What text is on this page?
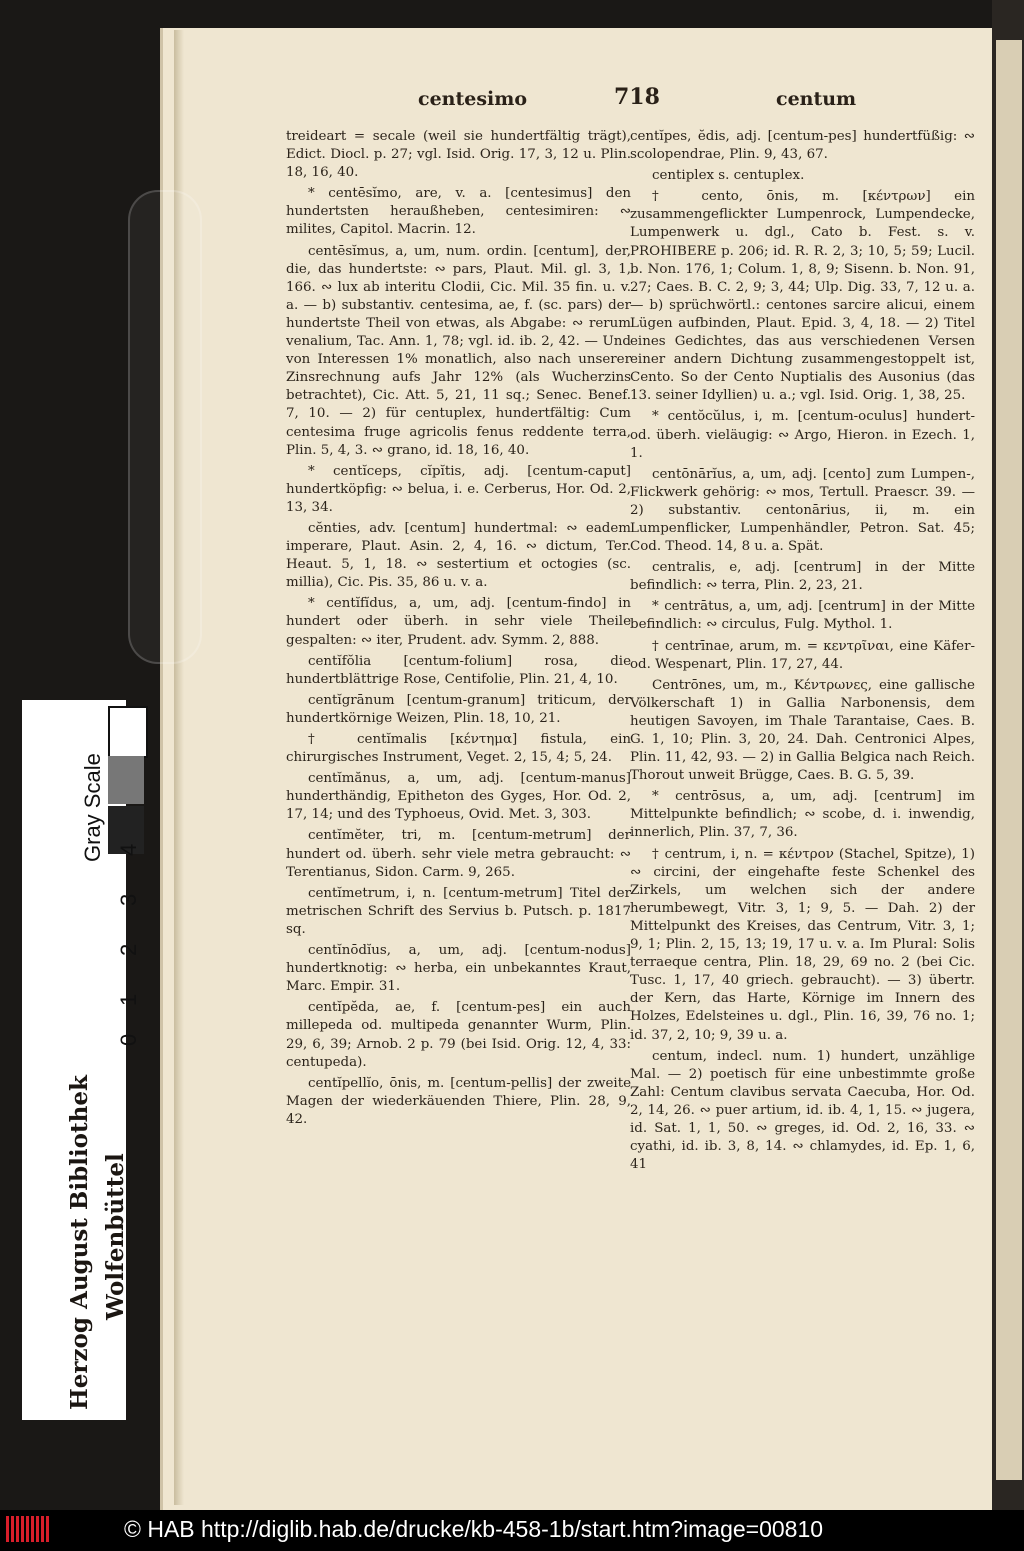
centesimo	718	centum

treideart = secale (weil sie hundertfältig trägt), Edict. Diocl. p. 27; vgl. Isid. Orig. 17, 3, 12 u. Plin. 18, 16, 40.

* centēsĭmo, are, v. a. [centesimus] den hundertsten heraußheben, centesimiren: ∾ milites, Capitol. Macrin. 12.

centēsĭmus, a, um, num. ordin. [centum], der, die, das hundertste: ∾ pars, Plaut. Mil. gl. 3, 1, 166. ∾ lux ab interitu Clodii, Cic. Mil. 35 fin. u. v. a. — b) substantiv. centesima, ae, f. (sc. pars) der hundertste Theil von etwas, als Abgabe: ∾ rerum venalium, Tac. Ann. 1, 78; vgl. id. ib. 2, 42. — Und von Interessen 1% monatlich, also nach unserer Zinsrechnung aufs Jahr 12% (als Wucherzins betrachtet), Cic. Att. 5, 21, 11 sq.; Senec. Benef. 7, 10. — 2) für centuplex, hundertfältig: Cum centesima fruge agricolis fenus reddente terra, Plin. 5, 4, 3. ∾ grano, id. 18, 16, 40.

* centĭceps, cĭpĭtis, adj. [centum-caput] hundertköpfig: ∾ belua, i. e. Cerberus, Hor. Od. 2, 13, 34.

cĕnties, adv. [centum] hundertmal: ∾ eadem imperare, Plaut. Asin. 2, 4, 16. ∾ dictum, Ter. Heaut. 5, 1, 18. ∾ sestertium et octogies (sc. millia), Cic. Pis. 35, 86 u. v. a.

* centĭfĭdus, a, um, adj. [centum-findo] in hundert oder überh. in sehr viele Theile gespalten: ∾ iter, Prudent. adv. Symm. 2, 888.

centĭfŏlia [centum-folium] rosa, die hundertblättrige Rose, Centifolie, Plin. 21, 4, 10.

centĭgrānum [centum-granum] triticum, der hundertkörnige Weizen, Plin. 18, 10, 21.

† centĭmalis [κέντημα] fistula, ein chirurgisches Instrument, Veget. 2, 15, 4; 5, 24.

centĭmănus, a, um, adj. [centum-manus] hunderthändig, Epitheton des Gyges, Hor. Od. 2, 17, 14; und des Typhoeus, Ovid. Met. 3, 303.

centĭmĕter, tri, m. [centum-metrum] der hundert od. überh. sehr viele metra gebraucht: ∾ Terentianus, Sidon. Carm. 9, 265.

centĭmetrum, i, n. [centum-metrum] Titel der metrischen Schrift des Servius b. Putsch. p. 1817 sq.

centĭnōdĭus, a, um, adj. [centum-nodus] hundertknotig: ∾ herba, ein unbekanntes Kraut, Marc. Empir. 31.

centĭpĕda, ae, f. [centum-pes] ein auch millepeda od. multipeda genannter Wurm, Plin. 29, 6, 39; Arnob. 2 p. 79 (bei Isid. Orig. 12, 4, 33: centupeda).

centĭpellĭo, ōnis, m. [centum-pellis] der zweite Magen der wiederkäuenden Thiere, Plin. 28, 9, 42.

centĭpes, ĕdis, adj. [centum-pes] hundertfüßig: ∾ scolopendrae, Plin. 9, 43, 67.

centiplex s. centuplex.

† cento, ōnis, m. [κέντρων] ein zusammengeflickter Lumpenrock, Lumpendecke, Lumpenwerk u. dgl., Cato b. Fest. s. v. PROHIBERE p. 206; id. R. R. 2, 3; 10, 5; 59; Lucil. b. Non. 176, 1; Colum. 1, 8, 9; Sisenn. b. Non. 91, 27; Caes. B. C. 2, 9; 3, 44; Ulp. Dig. 33, 7, 12 u. a. — b) sprüchwörtl.: centones sarcire alicui, einem Lügen aufbinden, Plaut. Epid. 3, 4, 18. — 2) Titel eines Gedichtes, das aus verschiedenen Versen einer andern Dichtung zusammengestoppelt ist, Cento. So der Cento Nuptialis des Ausonius (das 13. seiner Idyllien) u. a.; vgl. Isid. Orig. 1, 38, 25.

* centŏcŭlus, i, m. [centum-oculus] hundert- od. überh. vieläugig: ∾ Argo, Hieron. in Ezech. 1, 1.

centōnārĭus, a, um, adj. [cento] zum Lumpen-, Flickwerk gehörig: ∾ mos, Tertull. Praescr. 39. — 2) substantiv. centonārius, ii, m. ein Lumpenflicker, Lumpenhändler, Petron. Sat. 45; Cod. Theod. 14, 8 u. a. Spät.

centralis, e, adj. [centrum] in der Mitte befindlich: ∾ terra, Plin. 2, 23, 21.

* centrātus, a, um, adj. [centrum] in der Mitte befindlich: ∾ circulus, Fulg. Mythol. 1.

† centrīnae, arum, m. = κεντρῖναι, eine Käfer- od. Wespenart, Plin. 17, 27, 44.

Centrōnes, um, m., Κέντρωνες, eine gallische Völkerschaft 1) in Gallia Narbonensis, dem heutigen Savoyen, im Thale Tarantaise, Caes. B. G. 1, 10; Plin. 3, 20, 24. Dah. Centronici Alpes, Plin. 11, 42, 93. — 2) in Gallia Belgica nach Reich. Thorout unweit Brügge, Caes. B. G. 5, 39.

* centrōsus, a, um, adj. [centrum] im Mittelpunkte befindlich; ∾ scobe, d. i. inwendig, innerlich, Plin. 37, 7, 36.

† centrum, i, n. = κέντρον (Stachel, Spitze), 1) ∾ circini, der eingehafte feste Schenkel des Zirkels, um welchen sich der andere herumbewegt, Vitr. 3, 1; 9, 5. — Dah. 2) der Mittelpunkt des Kreises, das Centrum, Vitr. 3, 1; 9, 1; Plin. 2, 15, 13; 19, 17 u. v. a. Im Plural: Solis terraeque centra, Plin. 18, 29, 69 no. 2 (bei Cic. Tusc. 1, 17, 40 griech. gebraucht). — 3) übertr. der Kern, das Harte, Körnige im Innern des Holzes, Edelsteines u. dgl., Plin. 16, 39, 76 no. 1; id. 37, 2, 10; 9, 39 u. a.

centum, indecl. num. 1) hundert, unzählige Mal. — 2) poetisch für eine unbestimmte große Zahl: Centum clavibus servata Caecuba, Hor. Od. 2, 14, 26. ∾ puer artium, id. ib. 4, 1, 15. ∾ jugera, id. Sat. 1, 1, 50. ∾ greges, id. Od. 2, 16, 33. ∾ cyathi, id. ib. 3, 8, 14. ∾ chlamydes, id. Ep. 1, 6, 41

Gray Scale
0
1
2
3
4
Herzog August Bibliothek Wolfenbüttel
© HAB http://diglib.hab.de/drucke/kb-458-1b/start.htm?image=00810
